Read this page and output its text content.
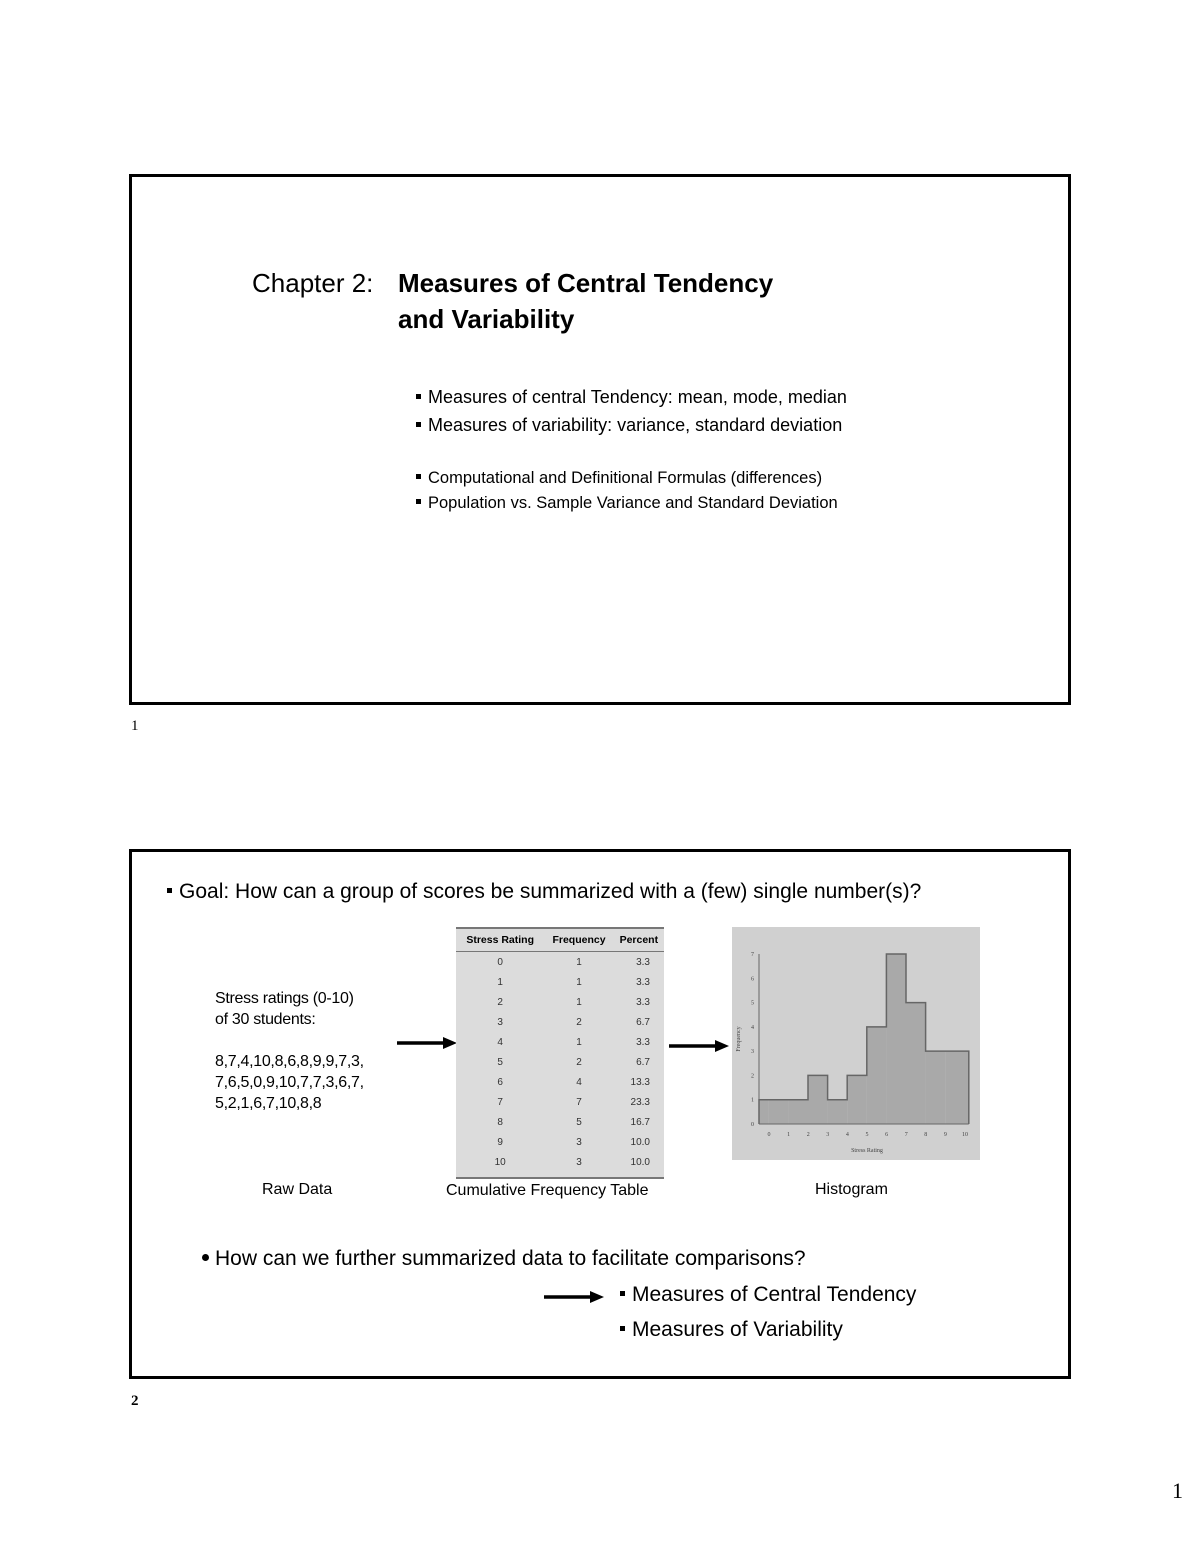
Chapter 2: Measures of Central Tendency
and Variability
Measures of central Tendency: mean, mode, median
Measures of variability: variance, standard deviation
Computational and Definitional Formulas (differences)
Population vs. Sample Variance and Standard Deviation
1
Goal: How can a group of scores be summarized with a (few) single number(s)?
Stress ratings (0-10)
of 30 students:
8,7,4,10,8,6,8,9,9,7,3,
7,6,5,0,9,10,7,7,3,6,7,
5,2,1,6,7,10,8,8
Stress Rating	Frequency	Percent
0	1	3.3
1	1	3.3
2	1	3.3
3	2	6.7
4	1	3.3
5	2	6.7
6	4	13.3
7	7	23.3
8	5	16.7
9	3	10.0
10	3	10.0
0
1
2
3
4
5
6
7
0	1	2	3	4	5	6	7	8	9	10
Stress Rating
Frequency
Raw Data	Cumulative Frequency Table	Histogram
How can we further summarized data to facilitate comparisons?
Measures of Central Tendency
Measures of Variability
2
1
